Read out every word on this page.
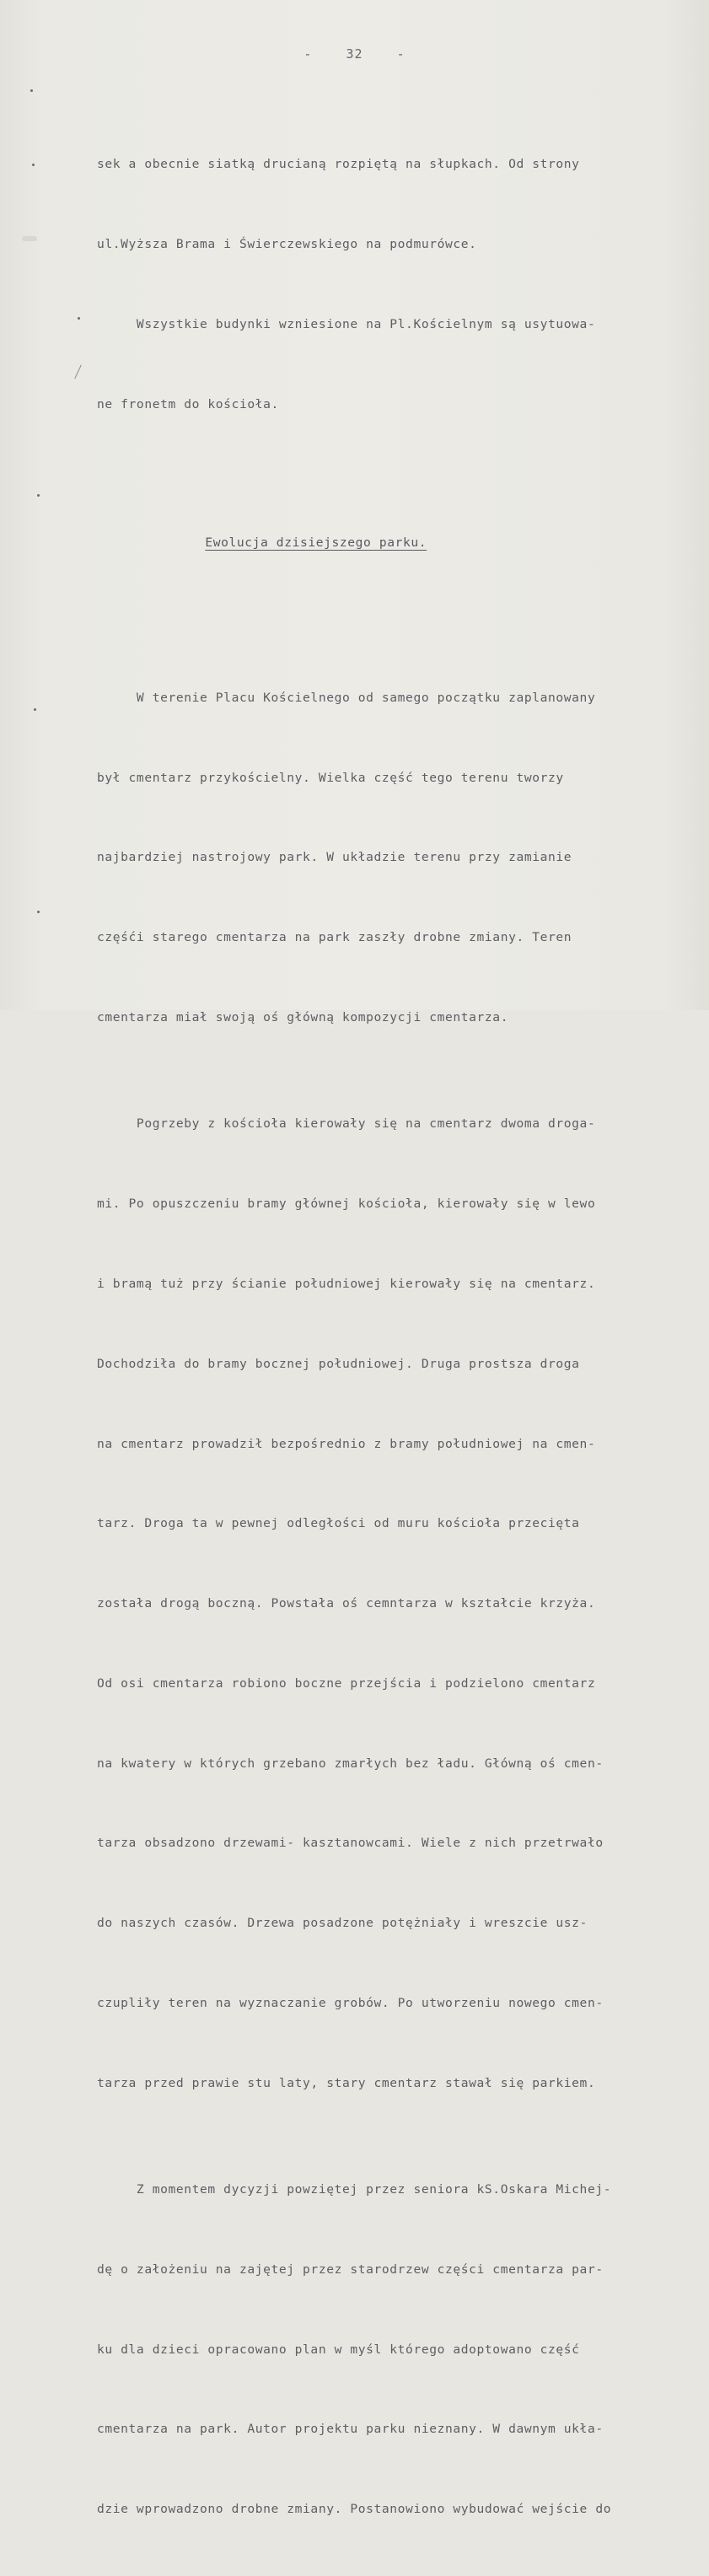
-	32	-

sek a obecnie siatką drucianą rozpiętą na słupkach. Od strony

ul.Wyższa Brama i Świerczewskiego na podmurówce.

Wszystkie budynki wzniesione na Pl.Kościelnym są usytuowa-

ne fronetm do kościoła.

Ewolucja dzisiejszego parku.

W terenie Placu Kościelnego od samego początku zaplanowany

był cmentarz przykościelny. Wielka część tego terenu tworzy

najbardziej nastrojowy park. W układzie terenu przy zamianie

częśći starego cmentarza na park zaszły drobne zmiany. Teren

cmentarza miał swoją oś główną kompozycji cmentarza.

Pogrzeby z kościoła kierowały się na cmentarz dwoma droga-

mi. Po opuszczeniu bramy głównej kościoła, kierowały się w lewo

i bramą tuż przy ścianie południowej kierowały się na cmentarz.

Dochodziła do bramy bocznej południowej. Druga prostsza droga

na cmentarz prowadził bezpośrednio z bramy południowej na cmen-

tarz. Droga ta w pewnej odległości od muru kościoła przecięta

została drogą boczną. Powstała oś cemntarza w kształcie krzyża.

Od osi cmentarza robiono boczne przejścia i podzielono cmentarz

na kwatery w których grzebano zmarłych bez ładu. Główną oś cmen-

tarza obsadzono drzewami- kasztanowcami. Wiele z nich przetrwało

do naszych czasów. Drzewa posadzone potężniały i wreszcie usz-

czupliły teren na wyznaczanie grobów. Po utworzeniu nowego cmen-

tarza przed prawie stu laty, stary cmentarz stawał się parkiem.

Z momentem dycyzji powziętej przez seniora kS.Oskara Michej-

dę o założeniu na zajętej przez starodrzew części cmentarza par-

ku dla dzieci opracowano plan w myśl którego adoptowano część

cmentarza na park. Autor projektu parku nieznany. W dawnym ukła-

dzie wprowadzono drobne zmiany. Postanowiono wybudować wejście do
